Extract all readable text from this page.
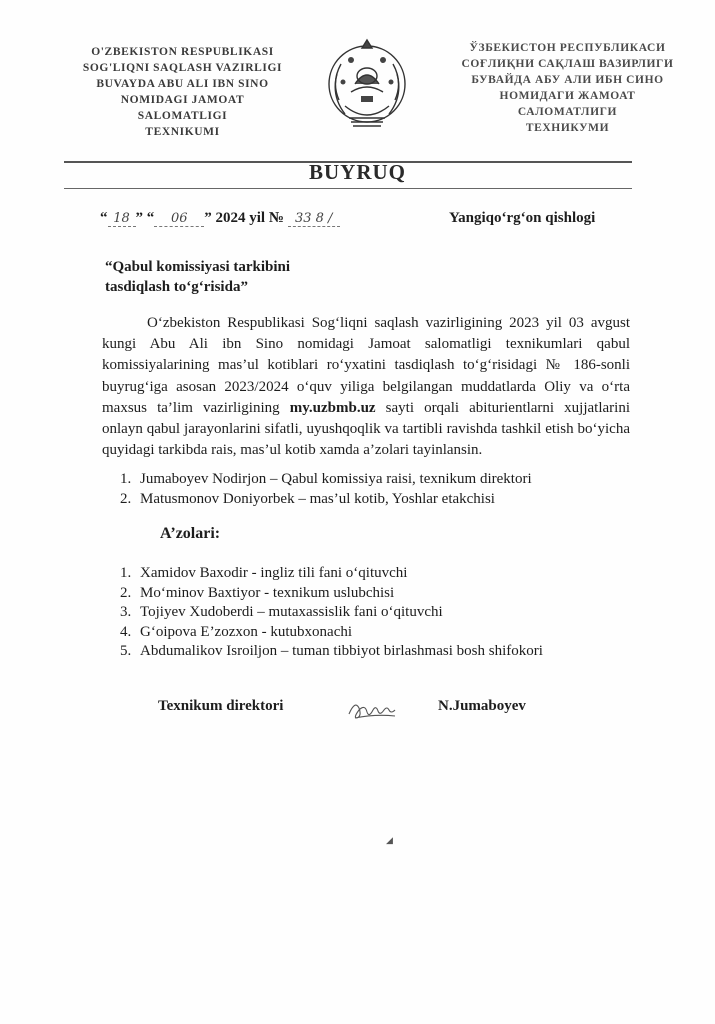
O'ZBEKISTON RESPUBLIKASI
SOG'LIQNI SAQLASH VAZIRLIGI
BUVAYDA ABU ALI IBN SINO
NOMIDAGI JAMOAT
SALOMATLIGI
TEXNIKUMI
ЎЗБЕКИСТОН РЕСПУБЛИКАСИ
СОҒЛИҚНИ САҚЛАШ ВАЗИРЛИГИ
БУВАЙДА АБУ АЛИ ИБН СИНО
НОМИДАГИ ЖАМОАТ
САЛОМАТЛИГИ
ТЕХНИКУМИ
BUYRUQ
“ 18 ” “ 06 ” 2024 yil № 33 8 /	Yangiqo‘rg‘on qishlogi
“Qabul komissiyasi tarkibini
tasdiqlash to‘g‘risida”

O‘zbekiston Respublikasi Sog‘liqni saqlash vazirligining 2023 yil 03 avgust kungi Abu Ali ibn Sino nomidagi Jamoat salomatligi texnikumlari qabul komissiyalarining mas’ul kotiblari ro‘yxatini tasdiqlash to‘g‘risidagi № 186-sonli buyrug‘iga asosan 2023/2024 o‘quv yiliga belgilangan muddatlarda Oliy va o‘rta maxsus ta’lim vazirligining my.uzbmb.uz sayti orqali abiturientlarni xujjatlarini onlayn qabul jarayonlarini sifatli, uyushqoqlik va tartibli ravishda tashkil etish bo‘yicha quyidagi tarkibda rais, mas’ul kotib xamda a’zolari tayinlansin.

1. Jumaboyev Nodirjon – Qabul komissiya raisi, texnikum direktori
2. Matusmonov Doniyorbek – mas’ul kotib, Yoshlar etakchisi
A’zolari:
1. Xamidov Baxodir - ingliz tili fani o‘qituvchi
2. Mo‘minov Baxtiyor - texnikum uslubchisi
3. Tojiyev Xudoberdi – mutaxassislik fani o‘qituvchi
4. G‘oipova E’zozxon - kutubxonachi
5. Abdumalikov Isroiljon – tuman tibbiyot birlashmasi bosh shifokori
Texnikum direktori	N.Jumaboyev
◢
